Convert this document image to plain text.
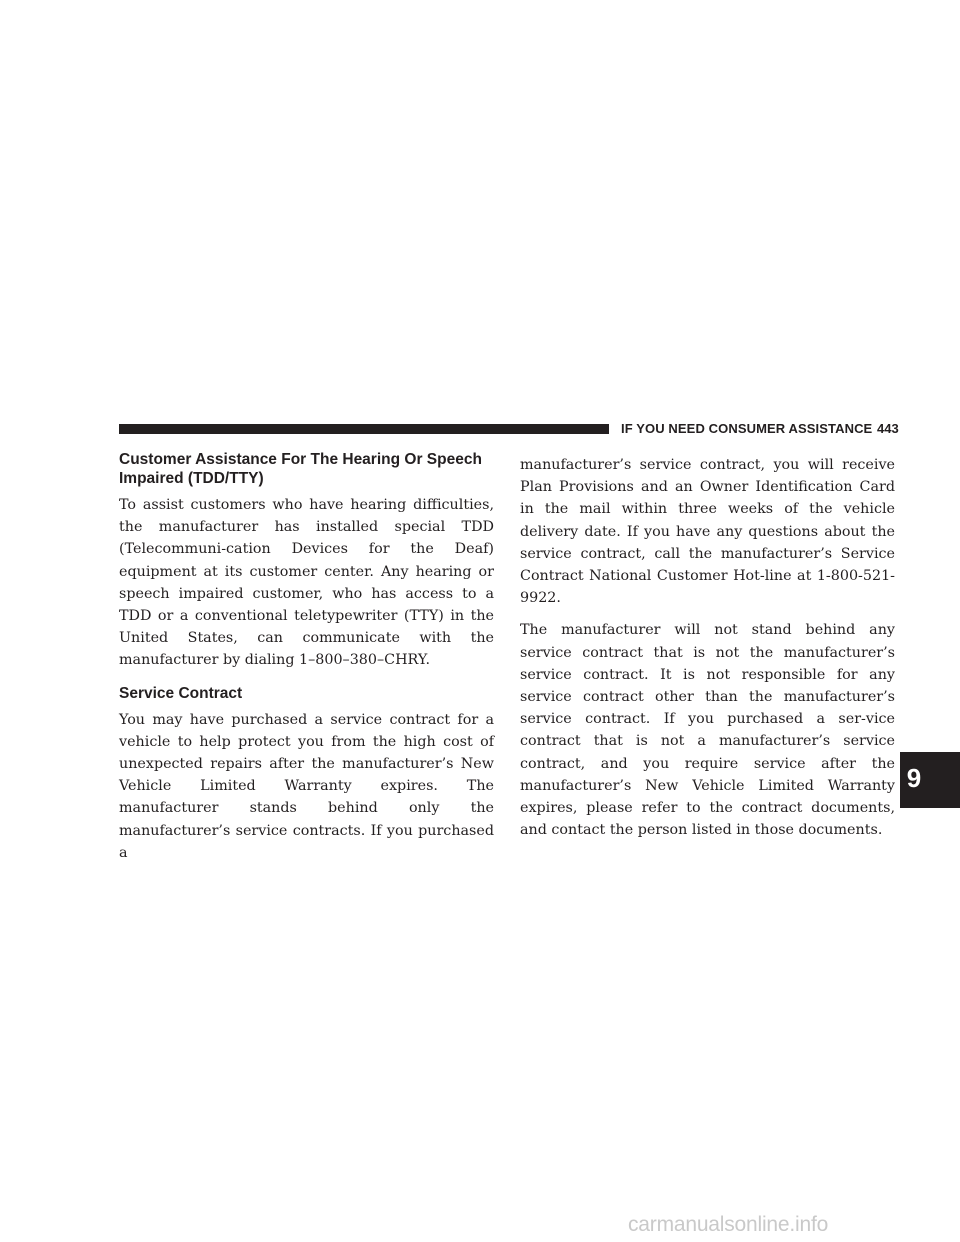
IF YOU NEED CONSUMER ASSISTANCE 443
Customer Assistance For The Hearing Or Speech
Impaired (TDD/TTY)

To assist customers who have hearing difficulties, the manufacturer has installed special TDD (Telecommuni-cation Devices for the Deaf) equipment at its customer center. Any hearing or speech impaired customer, who has access to a TDD or a conventional teletypewriter (TTY) in the United States, can communicate with the manufacturer by dialing 1–800–380–CHRY.

Service Contract

You may have purchased a service contract for a vehicle to help protect you from the high cost of unexpected repairs after the manufacturer’s New Vehicle Limited Warranty expires. The manufacturer stands behind only the manufacturer’s service contracts. If you purchased a

manufacturer’s service contract, you will receive Plan Provisions and an Owner Identification Card in the mail within three weeks of the vehicle delivery date. If you have any questions about the service contract, call the manufacturer’s Service Contract National Customer Hot-line at 1-800-521-9922.

The manufacturer will not stand behind any service contract that is not the manufacturer’s service contract. It is not responsible for any service contract other than the manufacturer’s service contract. If you purchased a ser-vice contract that is not a manufacturer’s service contract, and you require service after the manufacturer’s New Vehicle Limited Warranty expires, please refer to the contract documents, and contact the person listed in those documents.

9
carmanualsonline.info
